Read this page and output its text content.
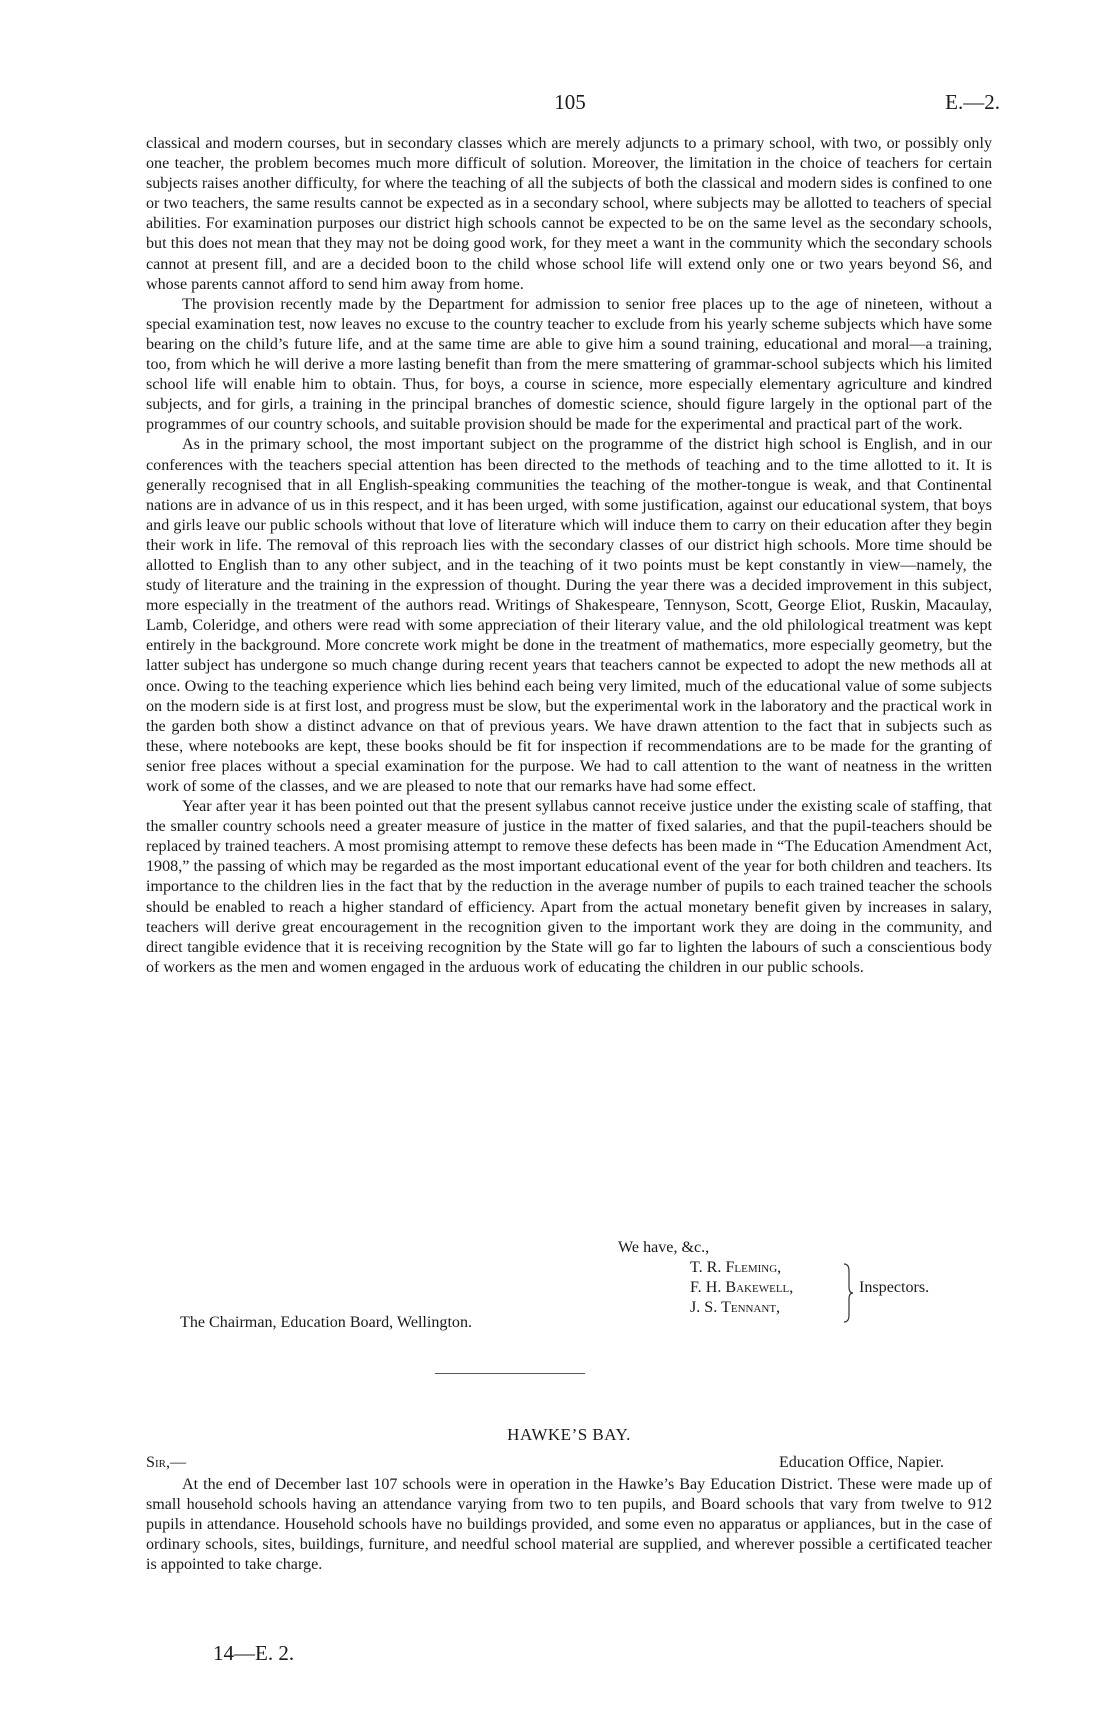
105	E.—2.

classical and modern courses, but in secondary classes which are merely adjuncts to a primary school, with two, or possibly only one teacher, the problem becomes much more difficult of solution. Moreover, the limitation in the choice of teachers for certain subjects raises another difficulty, for where the teaching of all the subjects of both the classical and modern sides is confined to one or two teachers, the same results cannot be expected as in a secondary school, where subjects may be allotted to teachers of special abilities. For examination purposes our district high schools cannot be expected to be on the same level as the secondary schools, but this does not mean that they may not be doing good work, for they meet a want in the community which the secondary schools cannot at present fill, and are a decided boon to the child whose school life will extend only one or two years beyond S6, and whose parents cannot afford to send him away from home.

The provision recently made by the Department for admission to senior free places up to the age of nineteen, without a special examination test, now leaves no excuse to the country teacher to exclude from his yearly scheme subjects which have some bearing on the child’s future life, and at the same time are able to give him a sound training, educational and moral—a training, too, from which he will derive a more lasting benefit than from the mere smattering of grammar-school subjects which his limited school life will enable him to obtain. Thus, for boys, a course in science, more especially elementary agriculture and kindred subjects, and for girls, a training in the principal branches of domestic science, should figure largely in the optional part of the programmes of our country schools, and suitable provision should be made for the experimental and practical part of the work.

As in the primary school, the most important subject on the programme of the district high school is English, and in our conferences with the teachers special attention has been directed to the methods of teaching and to the time allotted to it. It is generally recognised that in all English-speaking communities the teaching of the mother-tongue is weak, and that Continental nations are in advance of us in this respect, and it has been urged, with some justification, against our educational system, that boys and girls leave our public schools without that love of literature which will induce them to carry on their education after they begin their work in life. The removal of this reproach lies with the secondary classes of our district high schools. More time should be allotted to English than to any other subject, and in the teaching of it two points must be kept constantly in view—namely, the study of literature and the training in the expression of thought. During the year there was a decided improvement in this subject, more especially in the treatment of the authors read. Writings of Shakespeare, Tennyson, Scott, George Eliot, Ruskin, Macaulay, Lamb, Coleridge, and others were read with some appreciation of their literary value, and the old philological treatment was kept entirely in the background. More concrete work might be done in the treatment of mathematics, more especially geometry, but the latter subject has undergone so much change during recent years that teachers cannot be expected to adopt the new methods all at once. Owing to the teaching experience which lies behind each being very limited, much of the educational value of some subjects on the modern side is at first lost, and progress must be slow, but the experimental work in the laboratory and the practical work in the garden both show a distinct advance on that of previous years. We have drawn attention to the fact that in subjects such as these, where notebooks are kept, these books should be fit for inspection if recommendations are to be made for the granting of senior free places without a special examination for the purpose. We had to call attention to the want of neatness in the written work of some of the classes, and we are pleased to note that our remarks have had some effect.

Year after year it has been pointed out that the present syllabus cannot receive justice under the existing scale of staffing, that the smaller country schools need a greater measure of justice in the matter of fixed salaries, and that the pupil-teachers should be replaced by trained teachers. A most promising attempt to remove these defects has been made in “The Education Amendment Act, 1908,” the passing of which may be regarded as the most important educational event of the year for both children and teachers. Its importance to the children lies in the fact that by the reduction in the average number of pupils to each trained teacher the schools should be enabled to reach a higher standard of efficiency. Apart from the actual monetary benefit given by increases in salary, teachers will derive great encouragement in the recognition given to the important work they are doing in the community, and direct tangible evidence that it is receiving recognition by the State will go far to lighten the labours of such a conscientious body of workers as the men and women engaged in the arduous work of educating the children in our public schools.

We have, &c.,
T. R. Fleming,
F. H. Bakewell,
J. S. Tennant,
Inspectors.
The Chairman, Education Board, Wellington.
HAWKE’S BAY.
Sir,—	Education Office, Napier.

At the end of December last 107 schools were in operation in the Hawke’s Bay Education District. These were made up of small household schools having an attendance varying from two to ten pupils, and Board schools that vary from twelve to 912 pupils in attendance. Household schools have no buildings provided, and some even no apparatus or appliances, but in the case of ordinary schools, sites, buildings, furniture, and needful school material are supplied, and wherever possible a certificated teacher is appointed to take charge.

14—E. 2.
